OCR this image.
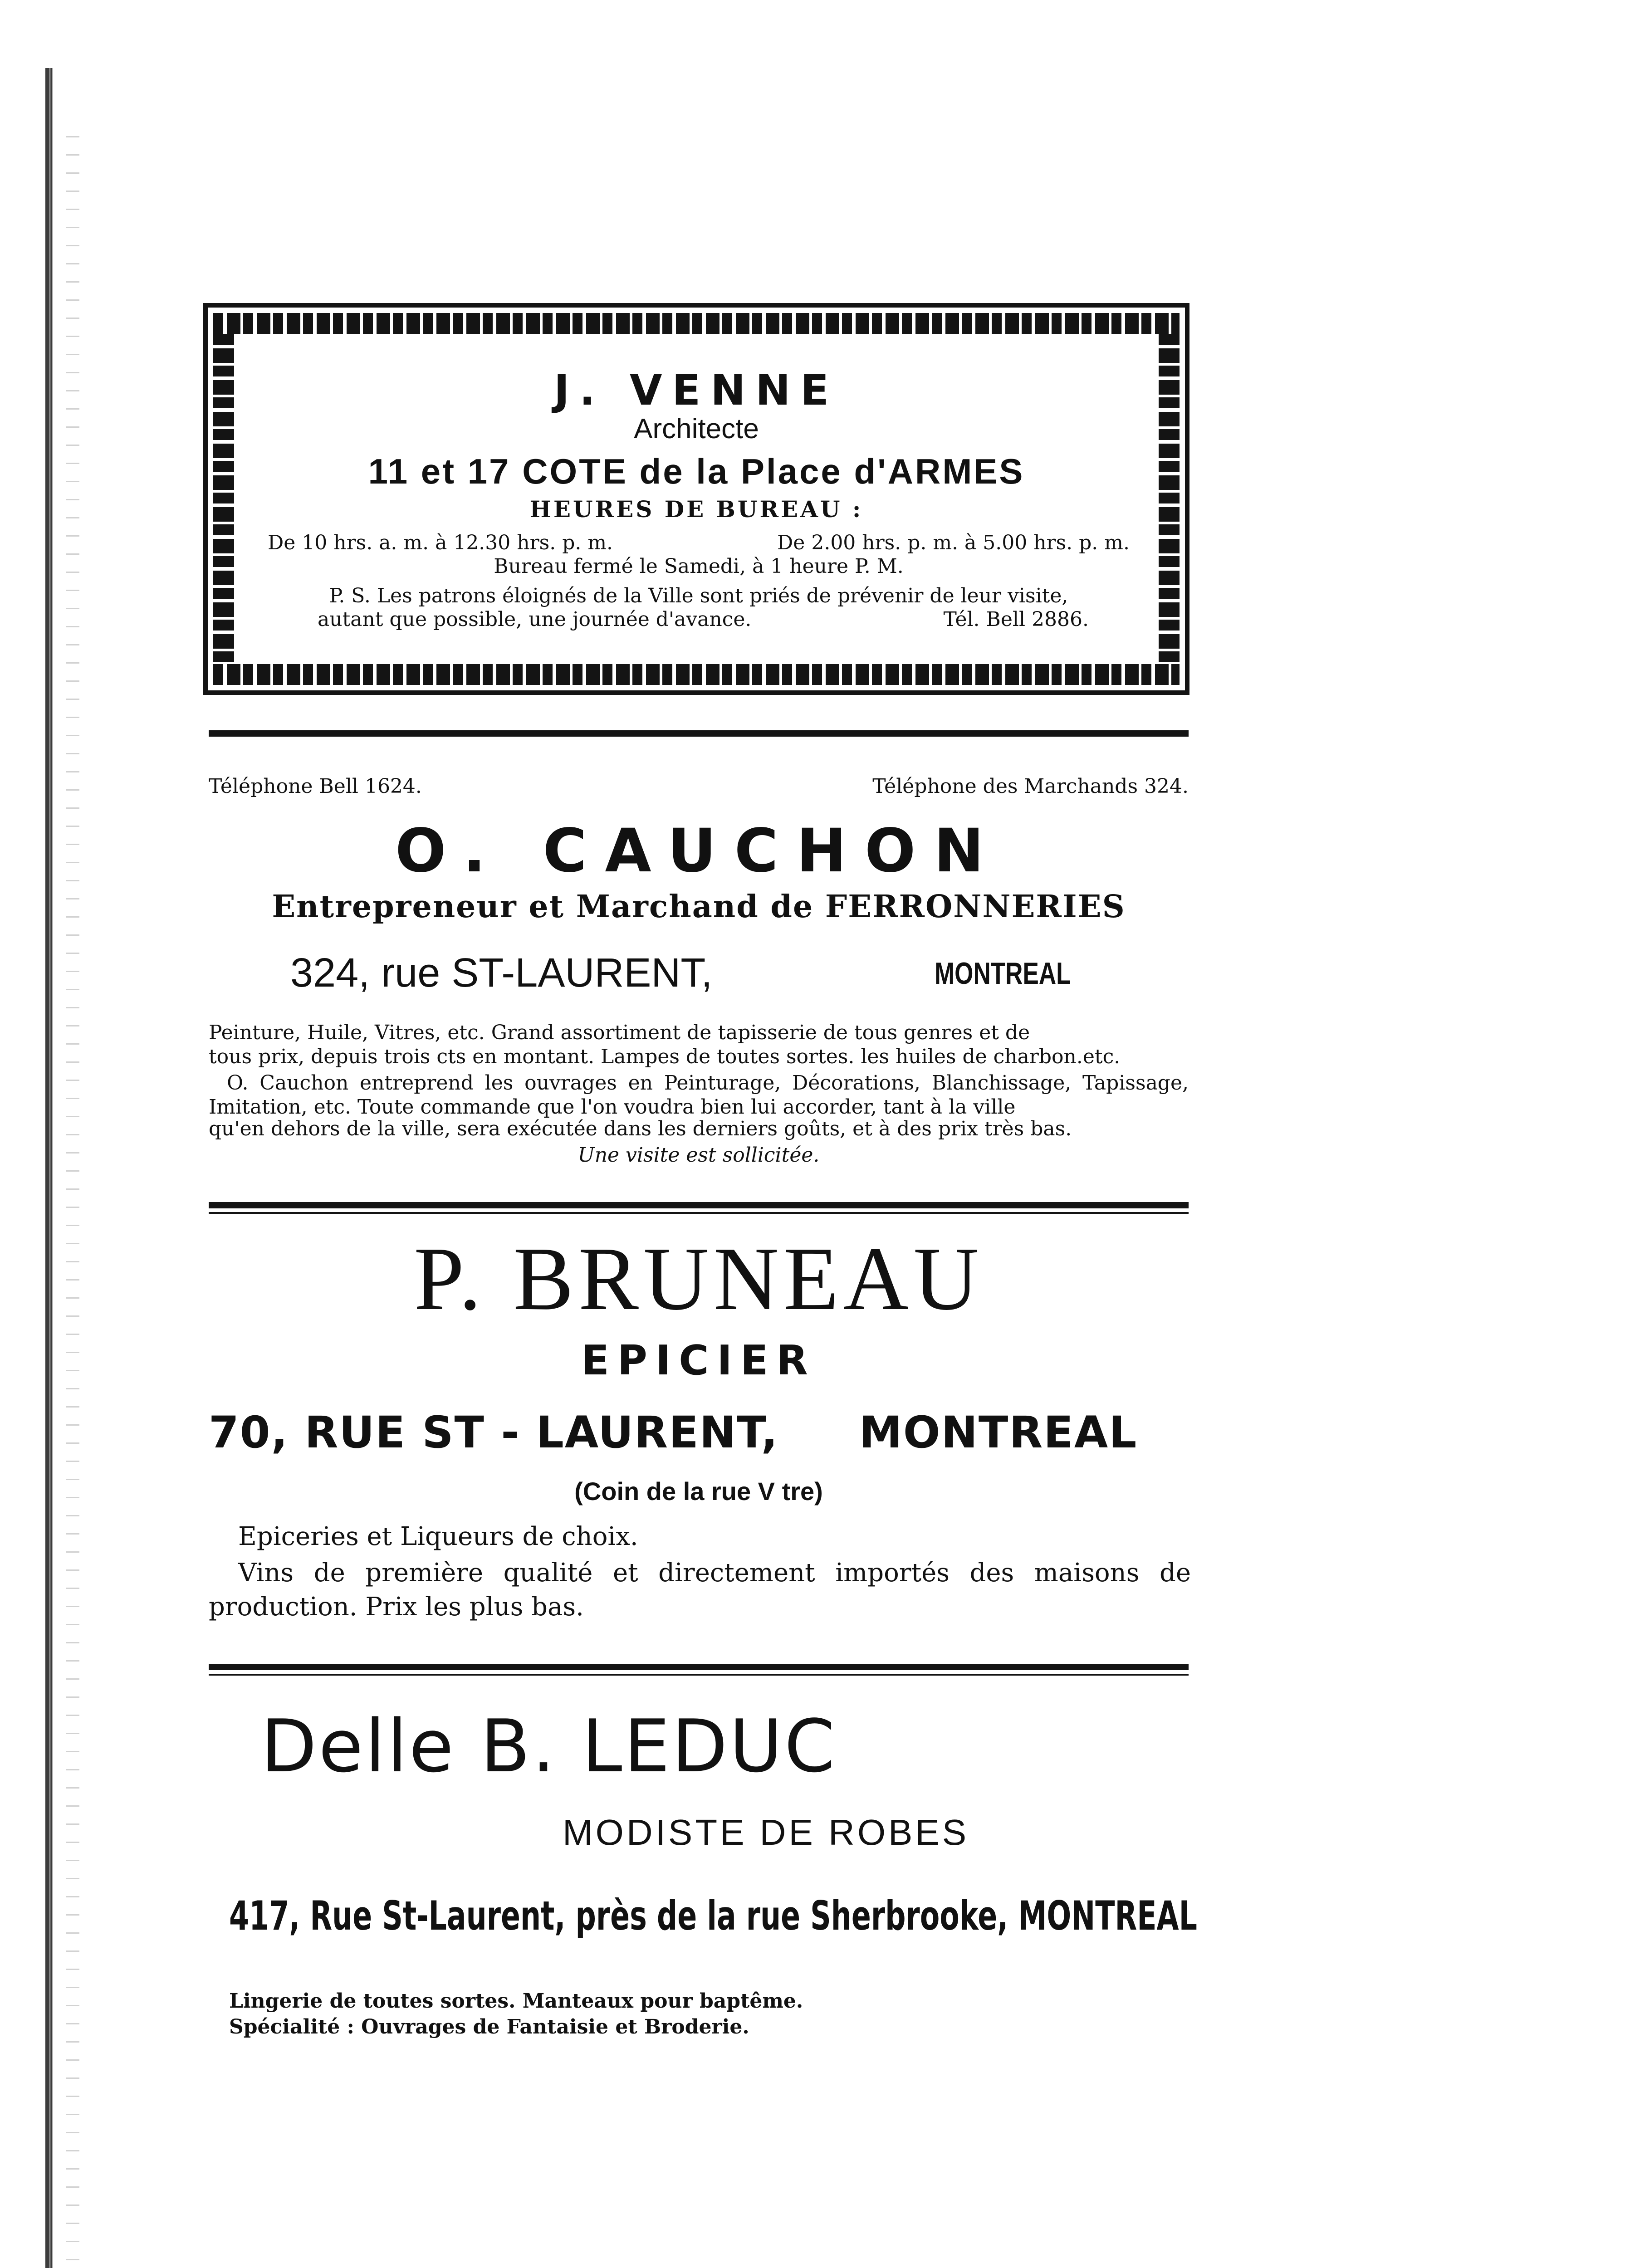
J. VENNE
Architecte
11 et 17 COTE de la Place d'ARMES
HEURES DE BUREAU :
De 10 hrs. a. m. à 12.30 hrs. p. m.	De 2.00 hrs. p. m. à 5.00 hrs. p. m.
Bureau fermé le Samedi, à 1 heure P. M.
P. S. Les patrons éloignés de la Ville sont priés de prévenir de leur visite,
autant que possible, une journée d'avance.	Tél. Bell 2886.
Téléphone Bell 1624.	Téléphone des Marchands 324.
O. CAUCHON
Entrepreneur et Marchand de FERRONNERIES
324, rue ST-LAURENT,	MONTREAL
Peinture, Huile, Vitres, etc. Grand assortiment de tapisserie de tous genres et de
tous prix, depuis trois cts en montant. Lampes de toutes sortes. les huiles de charbon.etc.
O. Cauchon entreprend les ouvrages en Peinturage, Décorations, Blanchissage, Tapissage, Imitation, etc. Toute commande que l'on voudra bien lui accorder, tant à la ville
qu'en dehors de la ville, sera exécutée dans les derniers goûts, et à des prix très bas.
Une visite est sollicitée.
P. BRUNEAU
EPICIER
70, RUE ST - LAURENT,     MONTREAL
(Coin de la rue V tre)
Epiceries et Liqueurs de choix.
Vins de première qualité et directement importés des maisons de
production. Prix les plus bas.
Delle B. LEDUC
MODISTE DE ROBES
417, Rue St-Laurent, près de la rue Sherbrooke, MONTREAL
Lingerie de toutes sortes. Manteaux pour baptême.
Spécialité : Ouvrages de Fantaisie et Broderie.
